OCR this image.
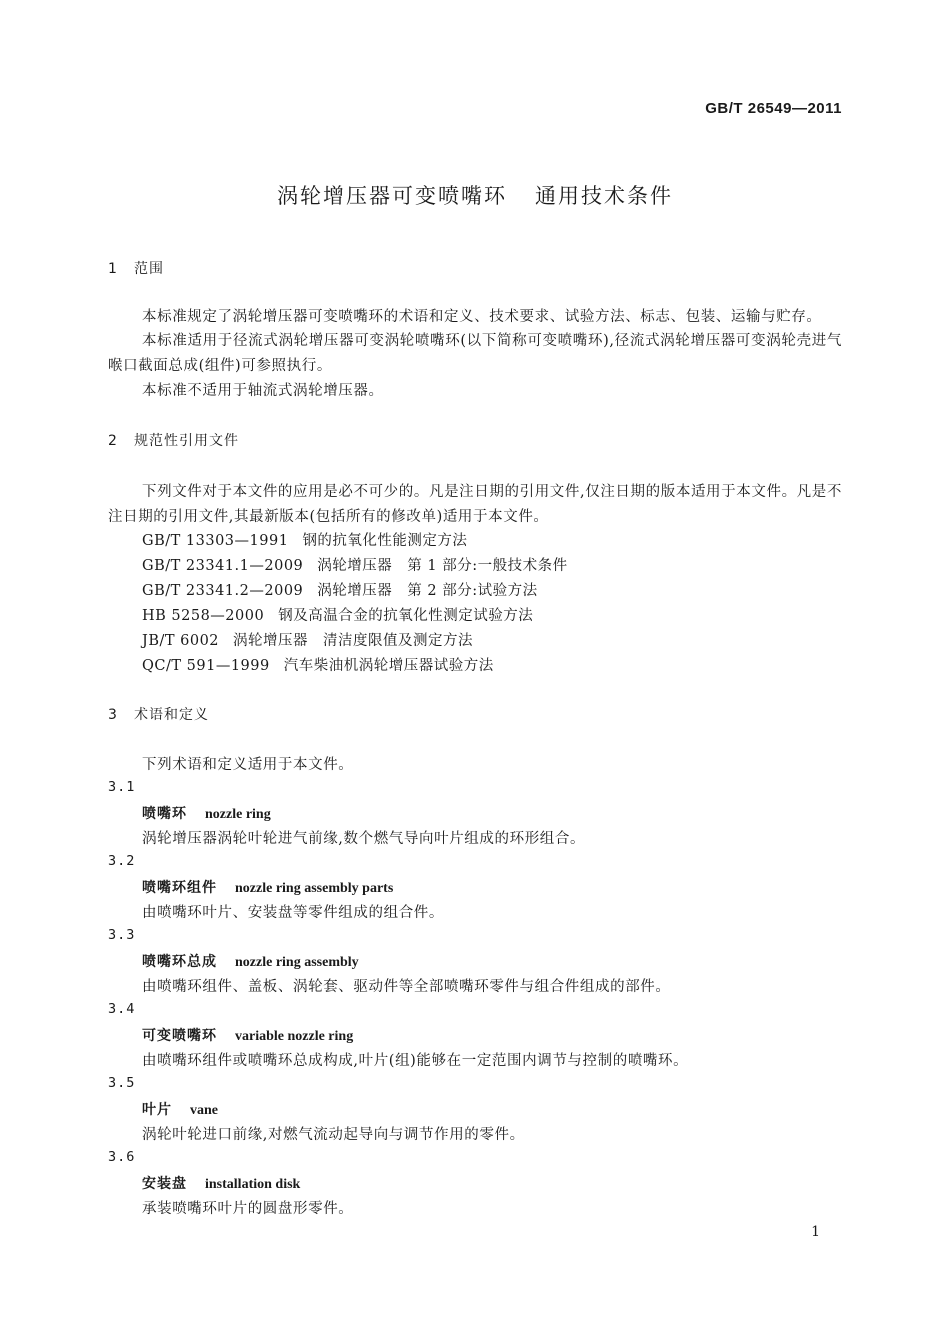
GB/T 26549—2011
涡轮增压器可变喷嘴环 通用技术条件
1 范围
本标准规定了涡轮增压器可变喷嘴环的术语和定义、技术要求、试验方法、标志、包装、运输与贮存。
本标准适用于径流式涡轮增压器可变涡轮喷嘴环(以下简称可变喷嘴环),径流式涡轮增压器可变涡轮壳进气喉口截面总成(组件)可参照执行。
本标准不适用于轴流式涡轮增压器。
2 规范性引用文件
下列文件对于本文件的应用是必不可少的。凡是注日期的引用文件,仅注日期的版本适用于本文件。凡是不注日期的引用文件,其最新版本(包括所有的修改单)适用于本文件。
GB/T 13303—1991 钢的抗氧化性能测定方法
GB/T 23341.1—2009 涡轮增压器　第 1 部分:一般技术条件
GB/T 23341.2—2009 涡轮增压器　第 2 部分:试验方法
HB 5258—2000 钢及高温合金的抗氧化性测定试验方法
JB/T 6002 涡轮增压器　清洁度限值及测定方法
QC/T 591—1999 汽车柴油机涡轮增压器试验方法
3 术语和定义
下列术语和定义适用于本文件。
3.1
喷嘴环 nozzle ring
涡轮增压器涡轮叶轮进气前缘,数个燃气导向叶片组成的环形组合。
3.2
喷嘴环组件 nozzle ring assembly parts
由喷嘴环叶片、安装盘等零件组成的组合件。
3.3
喷嘴环总成 nozzle ring assembly
由喷嘴环组件、盖板、涡轮套、驱动件等全部喷嘴环零件与组合件组成的部件。
3.4
可变喷嘴环 variable nozzle ring
由喷嘴环组件或喷嘴环总成构成,叶片(组)能够在一定范围内调节与控制的喷嘴环。
3.5
叶片 vane
涡轮叶轮进口前缘,对燃气流动起导向与调节作用的零件。
3.6
安装盘 installation disk
承装喷嘴环叶片的圆盘形零件。
1
